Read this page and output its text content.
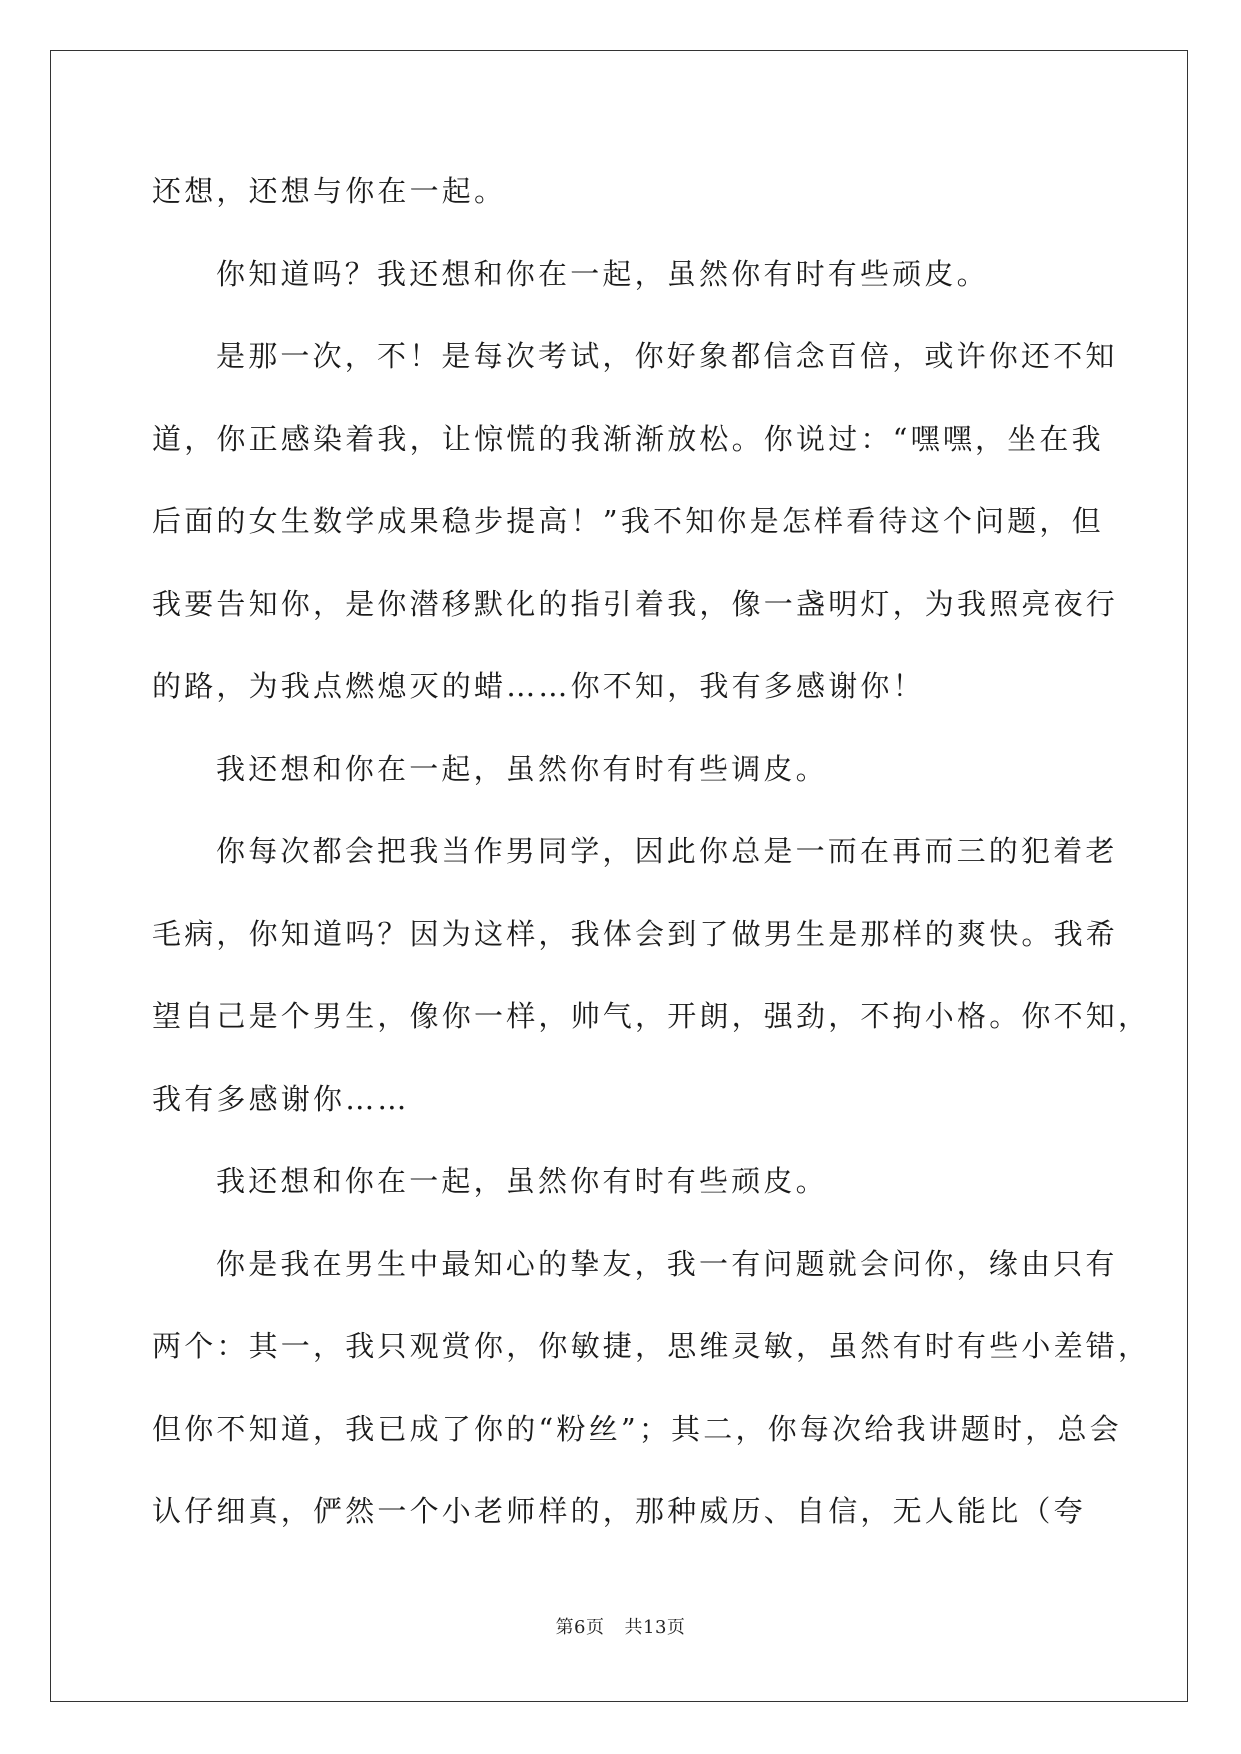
还想，还想与你在一起。
你知道吗？我还想和你在一起，虽然你有时有些顽皮。
是那一次，不！是每次考试，你好象都信念百倍，或许你还不知
道，你正感染着我，让惊慌的我渐渐放松。你说过：“嘿嘿，坐在我
后面的女生数学成果稳步提高！”我不知你是怎样看待这个问题，但
我要告知你，是你潜移默化的指引着我，像一盏明灯，为我照亮夜行
的路，为我点燃熄灭的蜡……你不知，我有多感谢你！
我还想和你在一起，虽然你有时有些调皮。
你每次都会把我当作男同学，因此你总是一而在再而三的犯着老
毛病，你知道吗？因为这样，我体会到了做男生是那样的爽快。我希
望自己是个男生，像你一样，帅气，开朗，强劲，不拘小格。你不知，
我有多感谢你……
我还想和你在一起，虽然你有时有些顽皮。
你是我在男生中最知心的挚友，我一有问题就会问你，缘由只有
两个：其一，我只观赏你，你敏捷，思维灵敏，虽然有时有些小差错，
但你不知道，我已成了你的“粉丝”；其二，你每次给我讲题时，总会
认仔细真，俨然一个小老师样的，那种威历、自信，无人能比（夸
第6页 共13页
